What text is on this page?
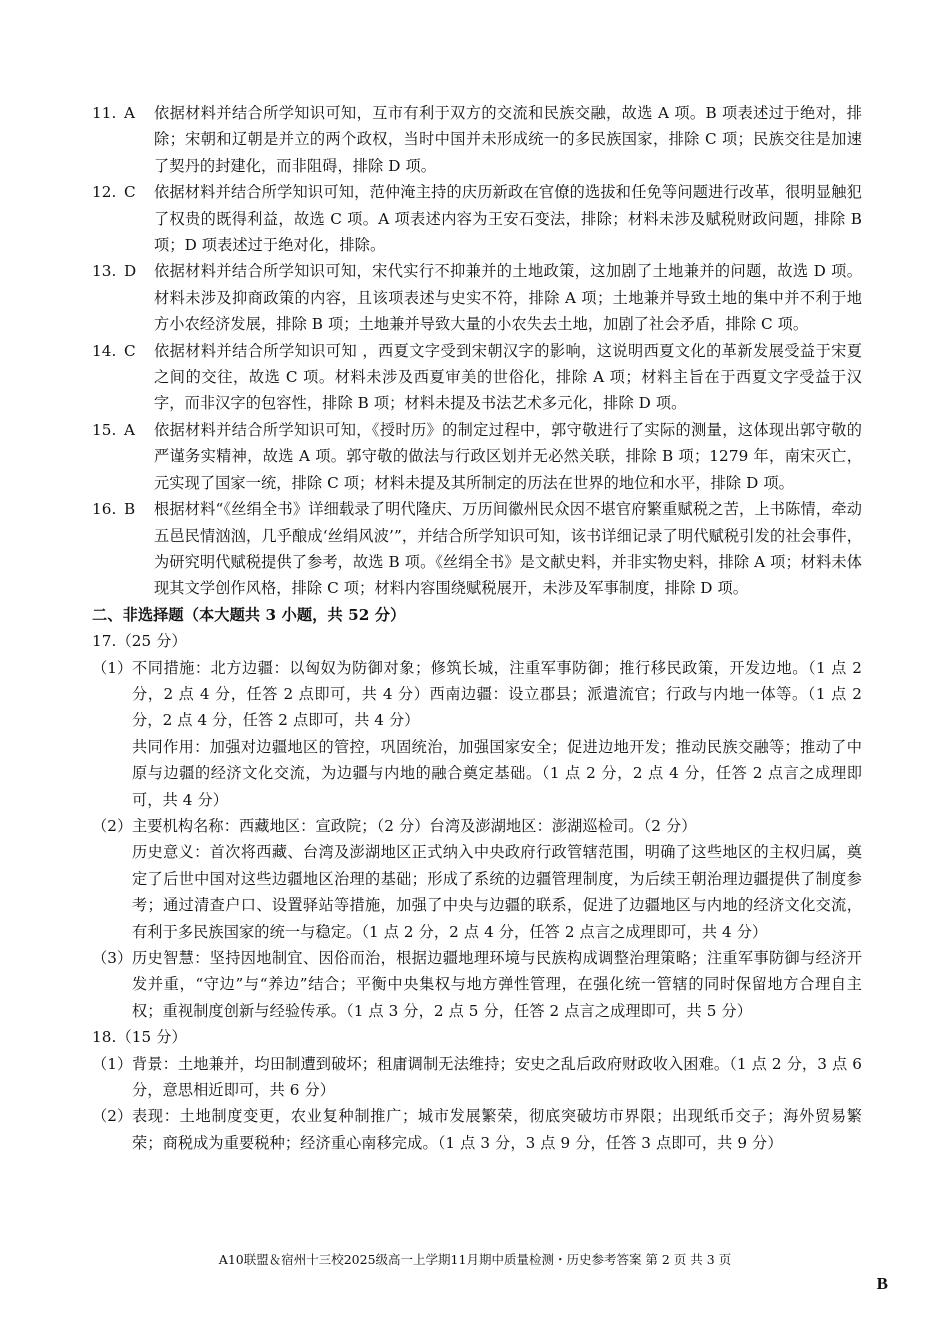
11. A	依据材料并结合所学知识可知，互市有利于双方的交流和民族交融，故选 A 项。B 项表述过于绝对，排除；宋朝和辽朝是并立的两个政权，当时中国并未形成统一的多民族国家，排除 C 项；民族交往是加速了契丹的封建化，而非阻碍，排除 D 项。
12. C	依据材料并结合所学知识可知，范仲淹主持的庆历新政在官僚的选拔和任免等问题进行改革，很明显触犯了权贵的既得利益，故选 C 项。A 项表述内容为王安石变法，排除；材料未涉及赋税财政问题，排除 B 项；D 项表述过于绝对化，排除。
13. D	依据材料并结合所学知识可知，宋代实行不抑兼并的土地政策，这加剧了土地兼并的问题，故选 D 项。材料未涉及抑商政策的内容，且该项表述与史实不符，排除 A 项；土地兼并导致土地的集中并不利于地方小农经济发展，排除 B 项；土地兼并导致大量的小农失去土地，加剧了社会矛盾，排除 C 项。
14. C	依据材料并结合所学知识可知 ，西夏文字受到宋朝汉字的影响，这说明西夏文化的革新发展受益于宋夏之间的交往，故选 C 项。材料未涉及西夏审美的世俗化，排除 A 项；材料主旨在于西夏文字受益于汉字，而非汉字的包容性，排除 B 项；材料未提及书法艺术多元化，排除 D 项。
15. A	依据材料并结合所学知识可知，《授时历》的制定过程中，郭守敬进行了实际的测量，这体现出郭守敬的严谨务实精神，故选 A 项。郭守敬的做法与行政区划并无必然关联，排除 B 项；1279 年，南宋灭亡，元实现了国家一统，排除 C 项；材料未提及其所制定的历法在世界的地位和水平，排除 D 项。
16. B	根据材料“《丝绢全书》详细载录了明代隆庆、万历间徽州民众因不堪官府繁重赋税之苦，上书陈情，牵动五邑民情汹汹，几乎酿成‘丝绢风波’”，并结合所学知识可知，该书详细记录了明代赋税引发的社会事件，为研究明代赋税提供了参考，故选 B 项。《丝绢全书》是文献史料，并非实物史料，排除 A 项；材料未体现其文学创作风格，排除 C 项；材料内容围绕赋税展开，未涉及军事制度，排除 D 项。

二、非选择题（本大题共 3 小题，共 52 分）

17.（25 分）

（1） 不同措施：北方边疆：以匈奴为防御对象；修筑长城，注重军事防御；推行移民政策，开发边地。（1 点 2 分，2 点 4 分，任答 2 点即可，共 4 分）西南边疆：设立郡县；派遣流官；行政与内地一体等。（1 点 2 分，2 点 4 分，任答 2 点即可，共 4 分）

共同作用：加强对边疆地区的管控，巩固统治，加强国家安全；促进边地开发；推动民族交融等；推动了中原与边疆的经济文化交流，为边疆与内地的融合奠定基础。（1 点 2 分，2 点 4 分，任答 2 点言之成理即可，共 4 分）

（2） 主要机构名称：西藏地区：宣政院；（2 分）台湾及澎湖地区：澎湖巡检司。（2 分）

历史意义：首次将西藏、台湾及澎湖地区正式纳入中央政府行政管辖范围，明确了这些地区的主权归属，奠定了后世中国对这些边疆地区治理的基础；形成了系统的边疆管理制度，为后续王朝治理边疆提供了制度参考；通过清查户口、设置驿站等措施，加强了中央与边疆的联系，促进了边疆地区与内地的经济文化交流，有利于多民族国家的统一与稳定。（1 点 2 分，2 点 4 分，任答 2 点言之成理即可，共 4 分）

（3） 历史智慧：坚持因地制宜、因俗而治，根据边疆地理环境与民族构成调整治理策略；注重军事防御与经济开发并重，“守边”与“养边”结合；平衡中央集权与地方弹性管理，在强化统一管辖的同时保留地方合理自主权；重视制度创新与经验传承。（1 点 3 分，2 点 5 分，任答 2 点言之成理即可，共 5 分）

18.（15 分）

（1） 背景：土地兼并，均田制遭到破坏；租庸调制无法维持；安史之乱后政府财政收入困难。（1 点 2 分，3 点 6 分，意思相近即可，共 6 分）
（2） 表现：土地制度变更，农业复种制推广；城市发展繁荣，彻底突破坊市界限；出现纸币交子；海外贸易繁荣；商税成为重要税种；经济重心南移完成。（1 点 3 分，3 点 9 分，任答 3 点即可，共 9 分）
A10联盟＆宿州十三校2025级高一上学期11月期中质量检测・历史参考答案 第 2 页 共 3 页
B
